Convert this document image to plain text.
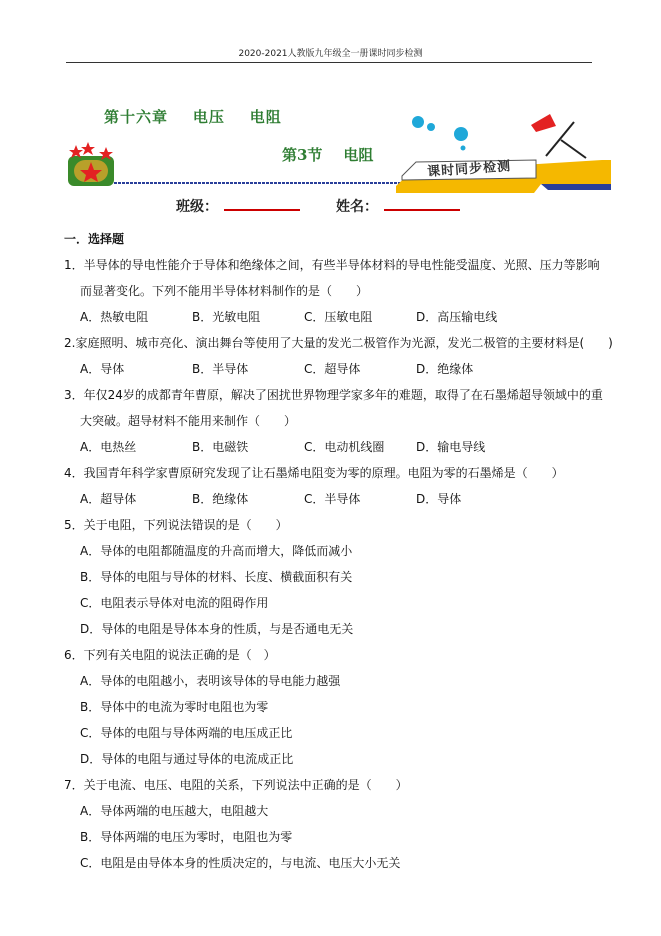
2020-2021人教版九年级全一册课时同步检测
第十六章    电压    电阻
第3节    电阻
课时同步检测
班级：	姓名：
一．选择题
1．半导体的导电性能介于导体和绝缘体之间，有些半导体材料的导电性能受温度、光照、压力等影响
而显著变化。下列不能用半导体材料制作的是（　　）
A．热敏电阻	B．光敏电阻	C．压敏电阻	D．高压输电线
2.家庭照明、城市亮化、演出舞台等使用了大量的发光二极管作为光源，发光二极管的主要材料是(　　)
A．导体	B．半导体	C．超导体	D．绝缘体
3．年仅24岁的成都青年曹原，解决了困扰世界物理学家多年的难题，取得了在石墨烯超导领域中的重
大突破。超导材料不能用来制作（　　）
A．电热丝	B．电磁铁	C．电动机线圈	D．输电导线
4．我国青年科学家曹原研究发现了让石墨烯电阻变为零的原理。电阻为零的石墨烯是（　　）
A．超导体	B．绝缘体	C．半导体	D．导体
5．关于电阻，下列说法错误的是（　　）
A．导体的电阻都随温度的升高而增大，降低而减小
B．导体的电阻与导体的材料、长度、横截面积有关
C．电阻表示导体对电流的阻碍作用
D．导体的电阻是导体本身的性质，与是否通电无关
6．下列有关电阻的说法正确的是（　）
A．导体的电阻越小，表明该导体的导电能力越强
B．导体中的电流为零时电阻也为零
C．导体的电阻与导体两端的电压成正比
D．导体的电阻与通过导体的电流成正比
7．关于电流、电压、电阻的关系，下列说法中正确的是（　　）
A．导体两端的电压越大，电阻越大
B．导体两端的电压为零时，电阻也为零
C．电阻是由导体本身的性质决定的，与电流、电压大小无关
